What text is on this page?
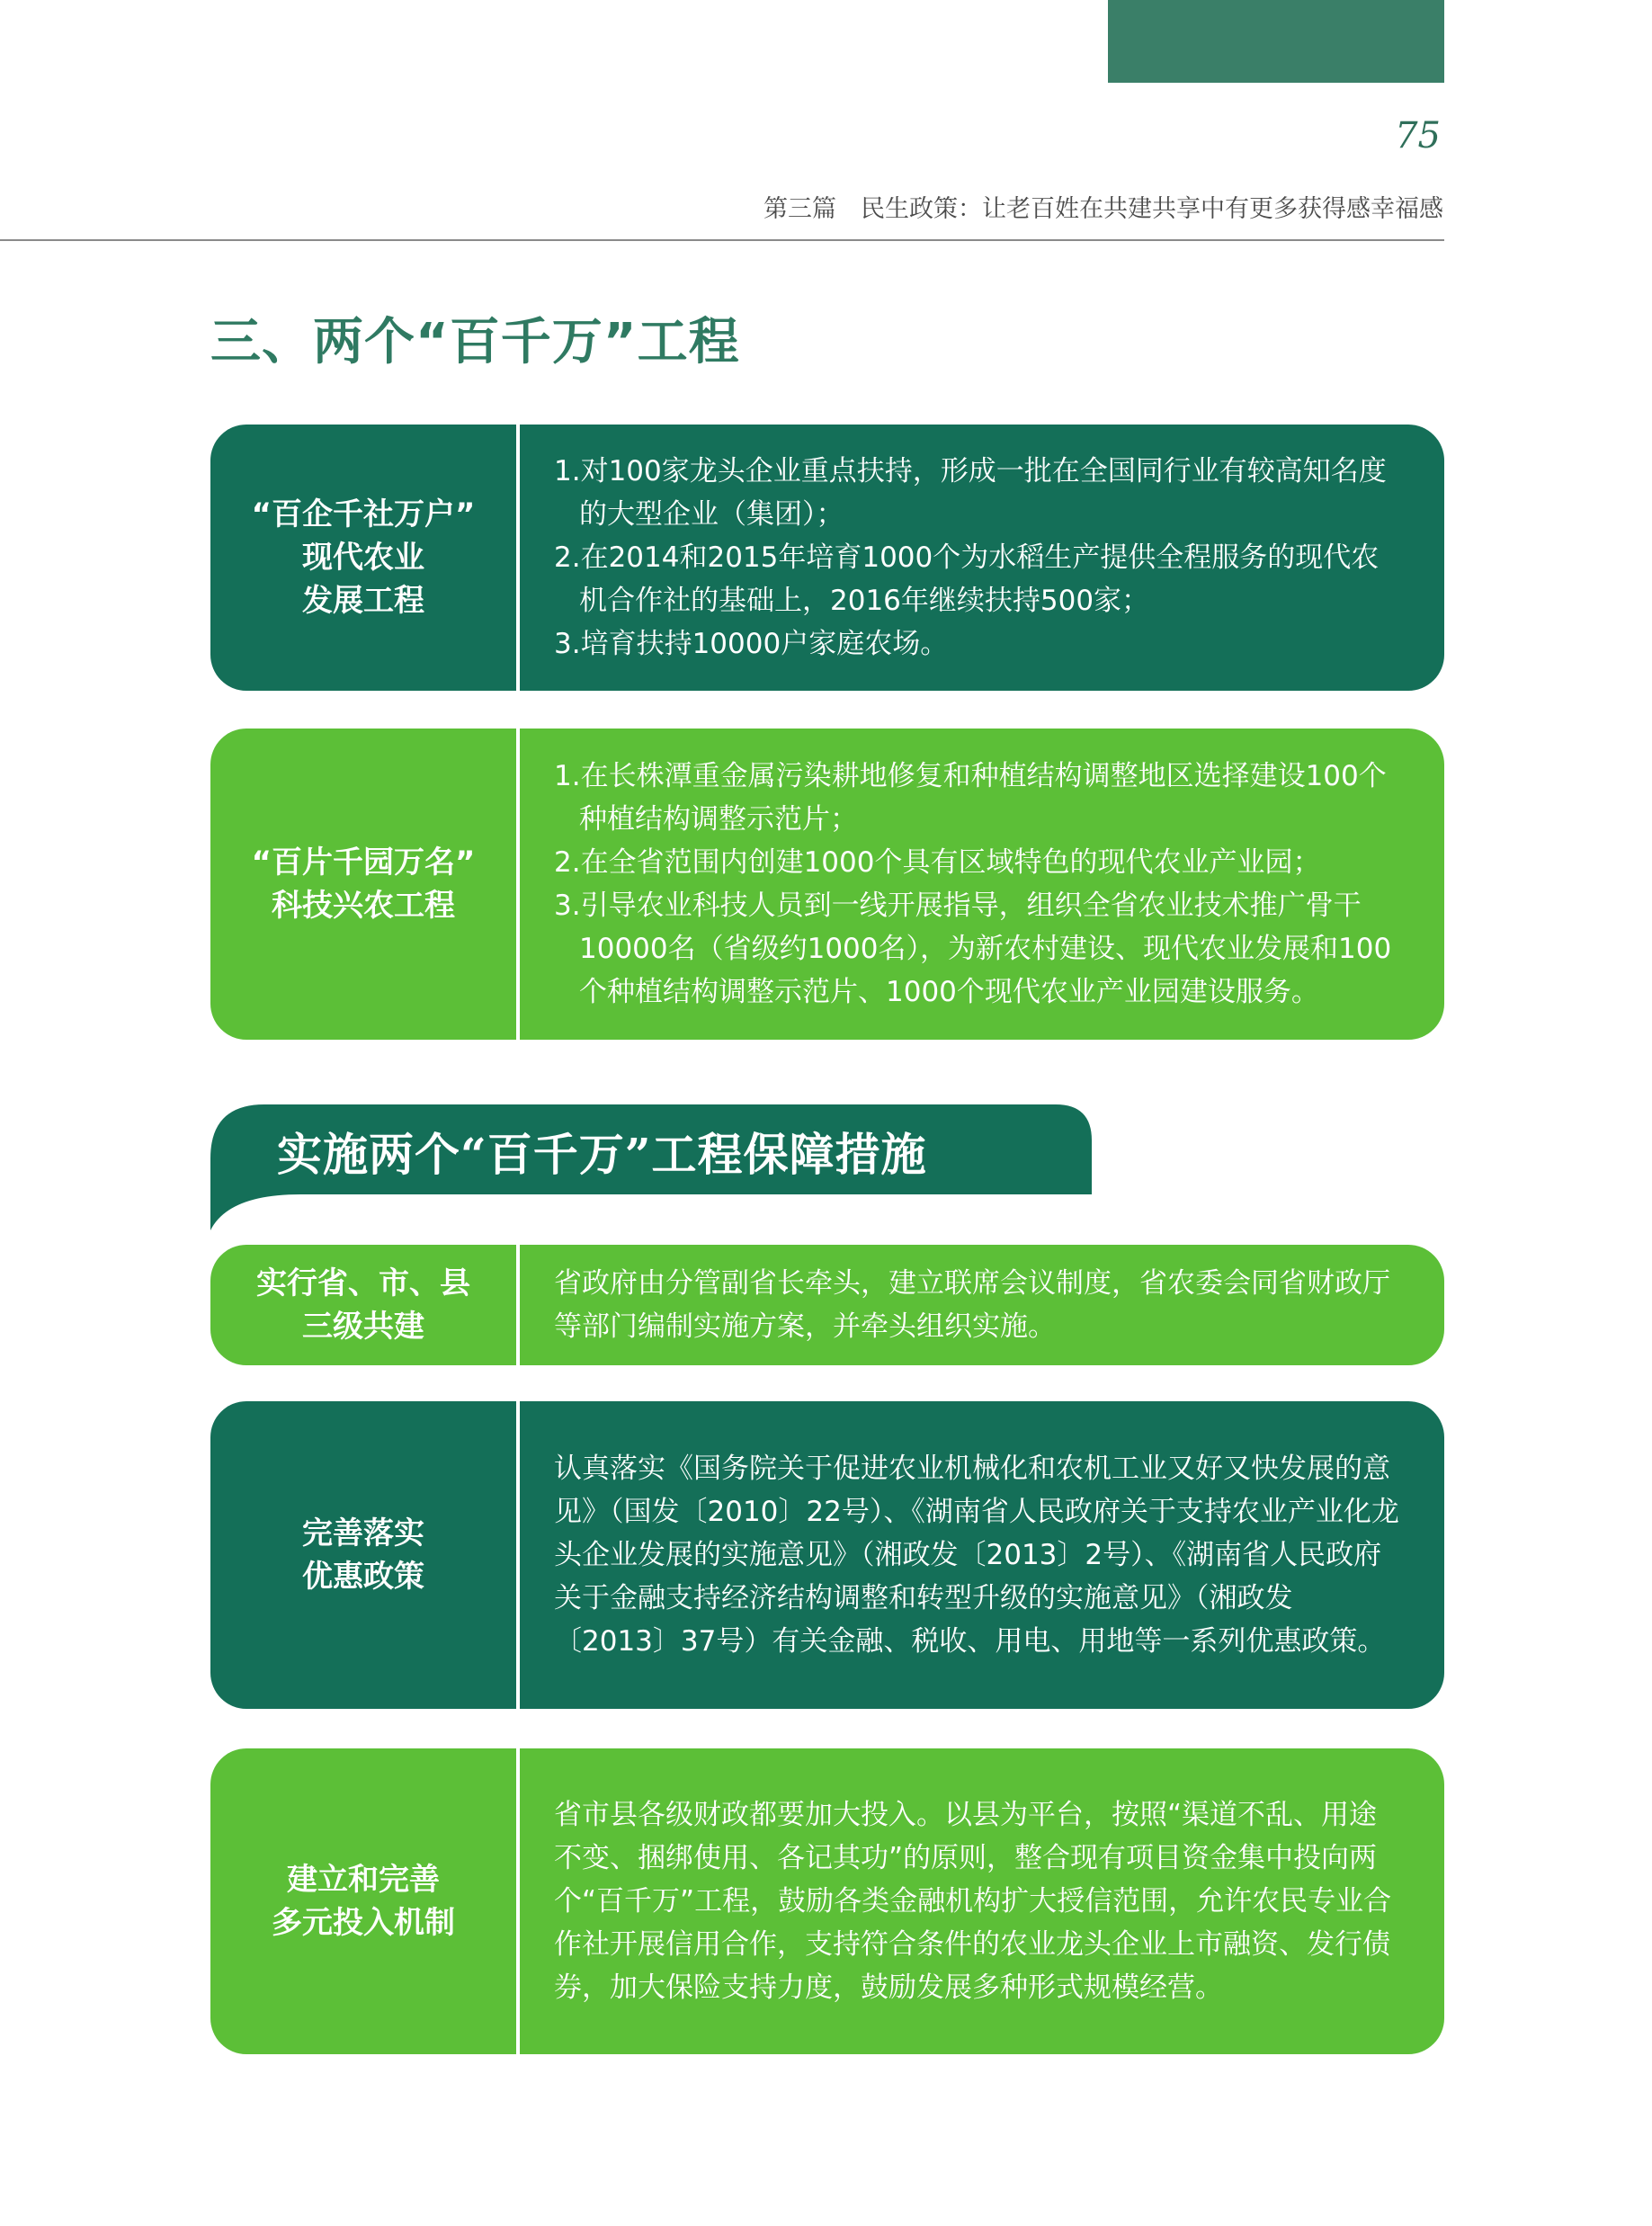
75
第三篇　民生政策：让老百姓在共建共享中有更多获得感幸福感
三、两个“百千万”工程
“百企千社万户”
现代农业
发展工程
1.对100家龙头企业重点扶持，形成一批在全国同行业有较高知名度的大型企业（集团）；
2.在2014和2015年培育1000个为水稻生产提供全程服务的现代农机合作社的基础上，2016年继续扶持500家；
3.培育扶持10000户家庭农场。
“百片千园万名”
科技兴农工程
1.在长株潭重金属污染耕地修复和种植结构调整地区选择建设100个种植结构调整示范片；
2.在全省范围内创建1000个具有区域特色的现代农业产业园；
3.引导农业科技人员到一线开展指导，组织全省农业技术推广骨干10000名（省级约1000名），为新农村建设、现代农业发展和100个种植结构调整示范片、1000个现代农业产业园建设服务。
实施两个“百千万”工程保障措施
实行省、市、县
三级共建
省政府由分管副省长牵头，建立联席会议制度，省农委会同省财政厅等部门编制实施方案，并牵头组织实施。
完善落实
优惠政策
认真落实《国务院关于促进农业机械化和农机工业又好又快发展的意见》（国发〔2010〕22号）、《湖南省人民政府关于支持农业产业化龙头企业发展的实施意见》（湘政发〔2013〕2号）、《湖南省人民政府关于金融支持经济结构调整和转型升级的实施意见》（湘政发〔2013〕37号）有关金融、税收、用电、用地等一系列优惠政策。
建立和完善
多元投入机制
省市县各级财政都要加大投入。以县为平台，按照“渠道不乱、用途不变、捆绑使用、各记其功”的原则，整合现有项目资金集中投向两个“百千万”工程，鼓励各类金融机构扩大授信范围，允许农民专业合作社开展信用合作，支持符合条件的农业龙头企业上市融资、发行债券，加大保险支持力度，鼓励发展多种形式规模经营。
